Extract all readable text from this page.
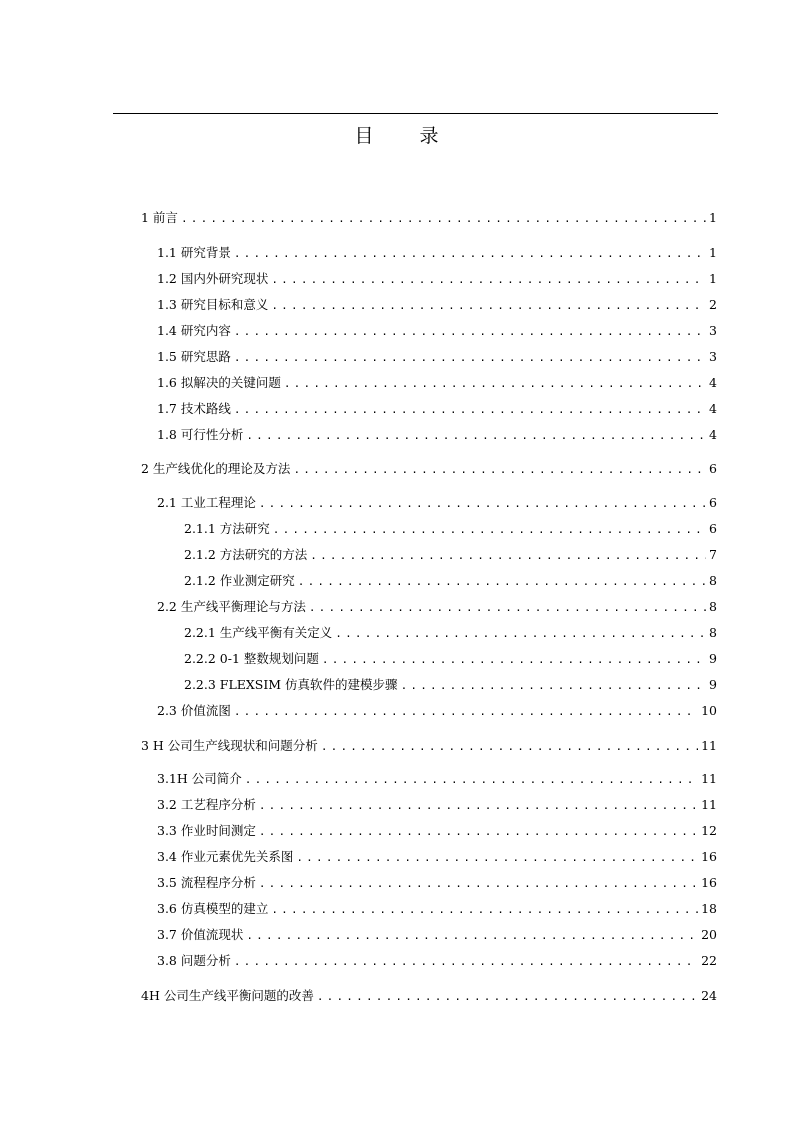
目 录
1 前言 .....	1
1.1 研究背景 .....	1
1.2 国内外研究现状 .....	1
1.3 研究目标和意义 .....	2
1.4 研究内容 .....	3
1.5 研究思路 .....	3
1.6 拟解决的关键问题 .....	4
1.7 技术路线 .....	4
1.8 可行性分析 .....	4
2 生产线优化的理论及方法 .....	6
2.1 工业工程理论 .....	6
2.1.1 方法研究 .....	6
2.1.2 方法研究的方法 .....	7
2.1.2 作业测定研究 .....	8
2.2 生产线平衡理论与方法 .....	8
2.2.1 生产线平衡有关定义 .....	8
2.2.2 0-1 整数规划问题 .....	9
2.2.3 FLEXSIM 仿真软件的建模步骤 .....	9
2.3 价值流图 .....	10
3 H 公司生产线现状和问题分析 .....	11
3.1H 公司简介 .....	11
3.2 工艺程序分析 .....	11
3.3 作业时间测定 .....	12
3.4 作业元素优先关系图 .....	16
3.5 流程程序分析 .....	16
3.6 仿真模型的建立 .....	18
3.7 价值流现状 .....	20
3.8 问题分析 .....	22
4H 公司生产线平衡问题的改善 .....	24
